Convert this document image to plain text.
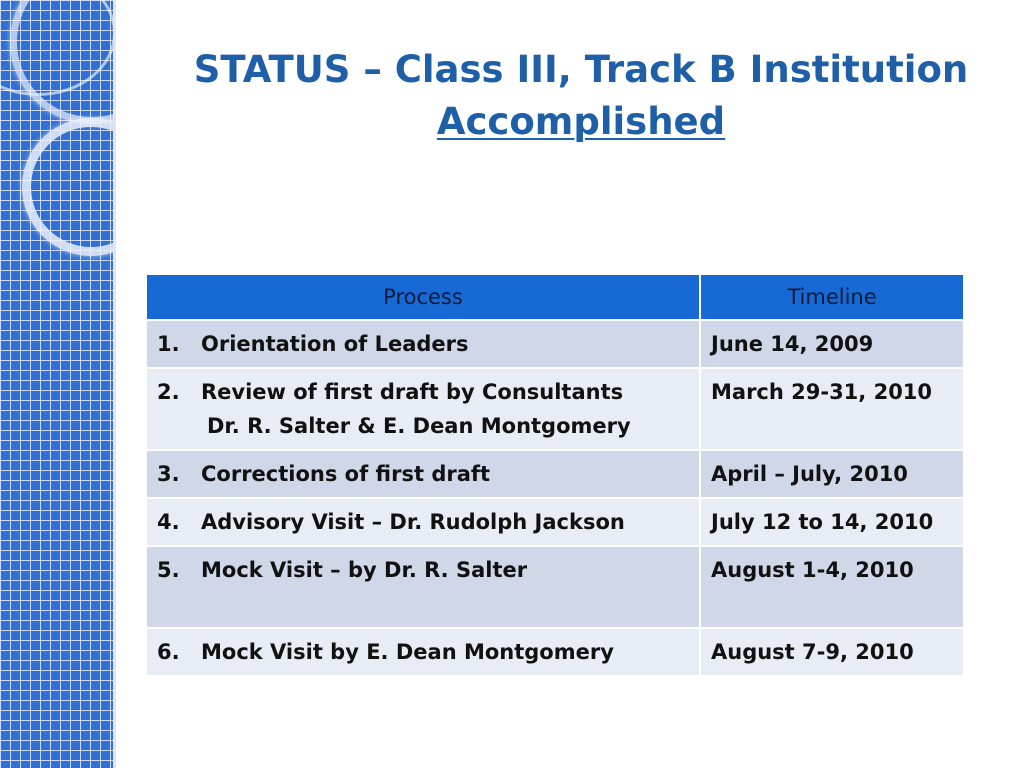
STATUS – Class III, Track B Institution
Accomplished
Process	Timeline
1. Orientation of Leaders	June 14, 2009
2. Review of first draft by Consultants
Dr. R. Salter & E. Dean Montgomery	March 29-31, 2010
3. Corrections of first draft	April – July, 2010
4. Advisory Visit – Dr. Rudolph Jackson	July 12 to 14, 2010
5. Mock Visit – by Dr. R. Salter	August 1-4, 2010
6. Mock Visit by E. Dean Montgomery	August 7-9, 2010
